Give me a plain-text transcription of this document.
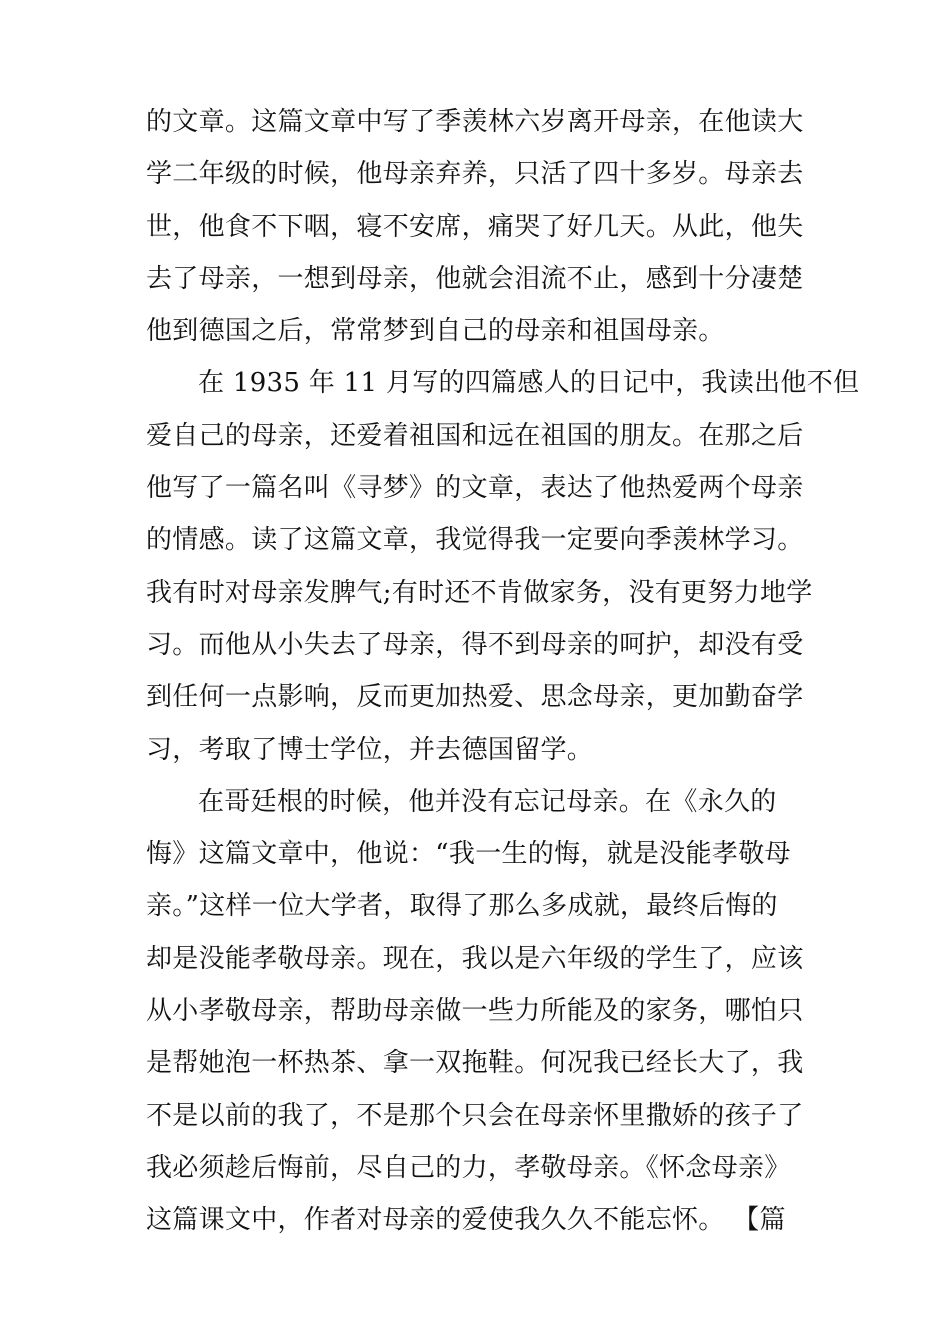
的文章。这篇文章中写了季羡林六岁离开母亲，在他读大
学二年级的时候，他母亲弃养，只活了四十多岁。母亲去
世，他食不下咽，寝不安席，痛哭了好几天。从此，他失
去了母亲，一想到母亲，他就会泪流不止，感到十分凄楚
他到德国之后，常常梦到自己的母亲和祖国母亲。
在 1935 年 11 月写的四篇感人的日记中，我读出他不但
爱自己的母亲，还爱着祖国和远在祖国的朋友。在那之后
他写了一篇名叫《寻梦》的文章，表达了他热爱两个母亲
的情感。读了这篇文章，我觉得我一定要向季羡林学习。
我有时对母亲发脾气;有时还不肯做家务，没有更努力地学
习。而他从小失去了母亲，得不到母亲的呵护，却没有受
到任何一点影响，反而更加热爱、思念母亲，更加勤奋学
习，考取了博士学位，并去德国留学。
在哥廷根的时候，他并没有忘记母亲。在《永久的
悔》这篇文章中，他说：“我一生的悔，就是没能孝敬母
亲。”这样一位大学者，取得了那么多成就，最终后悔的
却是没能孝敬母亲。现在，我以是六年级的学生了，应该
从小孝敬母亲，帮助母亲做一些力所能及的家务，哪怕只
是帮她泡一杯热茶、拿一双拖鞋。何况我已经长大了，我
不是以前的我了，不是那个只会在母亲怀里撒娇的孩子了
我必须趁后悔前，尽自己的力，孝敬母亲。《怀念母亲》
这篇课文中，作者对母亲的爱使我久久不能忘怀。 【篇
